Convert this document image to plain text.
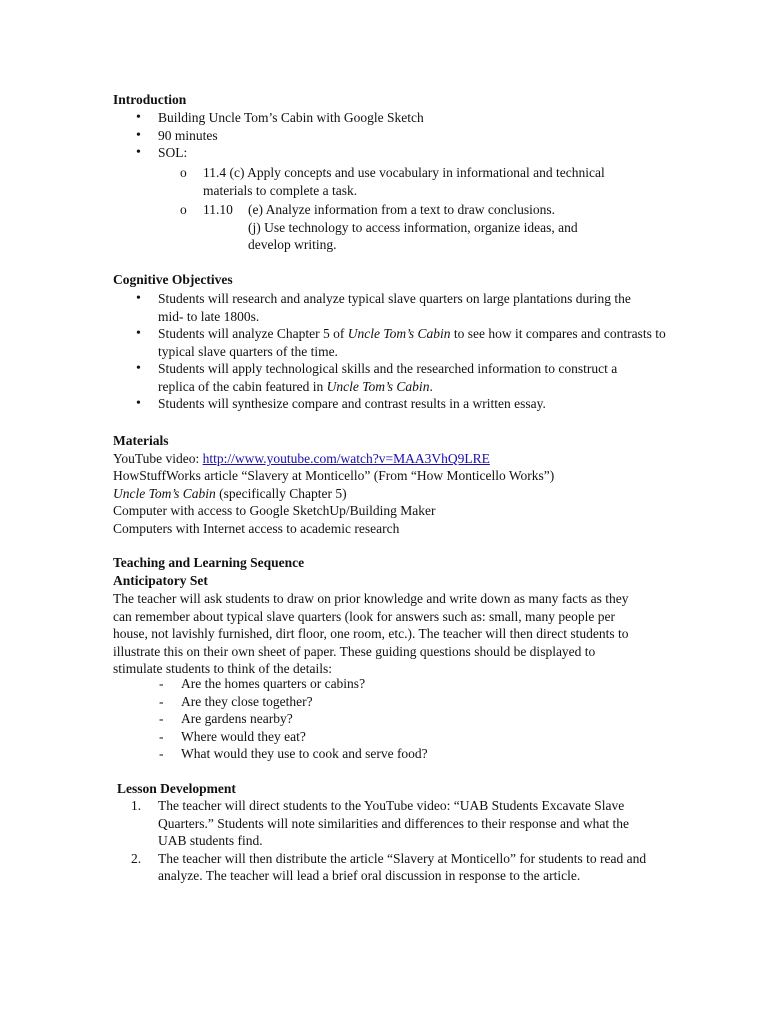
Introduction

• Building Uncle Tom’s Cabin with Google Sketch
• 90 minutes
• SOL:
o 11.4 (c) Apply concepts and use vocabulary in informational and technical materials to complete a task.
o 11.10 (e) Analyze information from a text to draw conclusions.
(j) Use technology to access information, organize ideas, and develop writing.

Cognitive Objectives

• Students will research and analyze typical slave quarters on large plantations during the mid- to late 1800s.
• Students will analyze Chapter 5 of Uncle Tom’s Cabin to see how it compares and contrasts to typical slave quarters of the time.
• Students will apply technological skills and the researched information to construct a replica of the cabin featured in Uncle Tom’s Cabin.
• Students will synthesize compare and contrast results in a written essay.

Materials

YouTube video: http://www.youtube.com/watch?v=MAA3VhQ9LRE

HowStuffWorks article “Slavery at Monticello” (From “How Monticello Works”)

Uncle Tom’s Cabin (specifically Chapter 5)

Computer with access to Google SketchUp/Building Maker

Computers with Internet access to academic research

Teaching and Learning Sequence

Anticipatory Set

The teacher will ask students to draw on prior knowledge and write down as many facts as they can remember about typical slave quarters (look for answers such as: small, many people per house, not lavishly furnished, dirt floor, one room, etc.). The teacher will then direct students to illustrate this on their own sheet of paper. These guiding questions should be displayed to stimulate students to think of the details:

- Are the homes quarters or cabins?
- Are they close together?
- Are gardens nearby?
- Where would they eat?
- What would they use to cook and serve food?

Lesson Development

1. The teacher will direct students to the YouTube video: “UAB Students Excavate Slave Quarters.” Students will note similarities and differences to their response and what the UAB students find.
2. The teacher will then distribute the article “Slavery at Monticello” for students to read and analyze. The teacher will lead a brief oral discussion in response to the article.
